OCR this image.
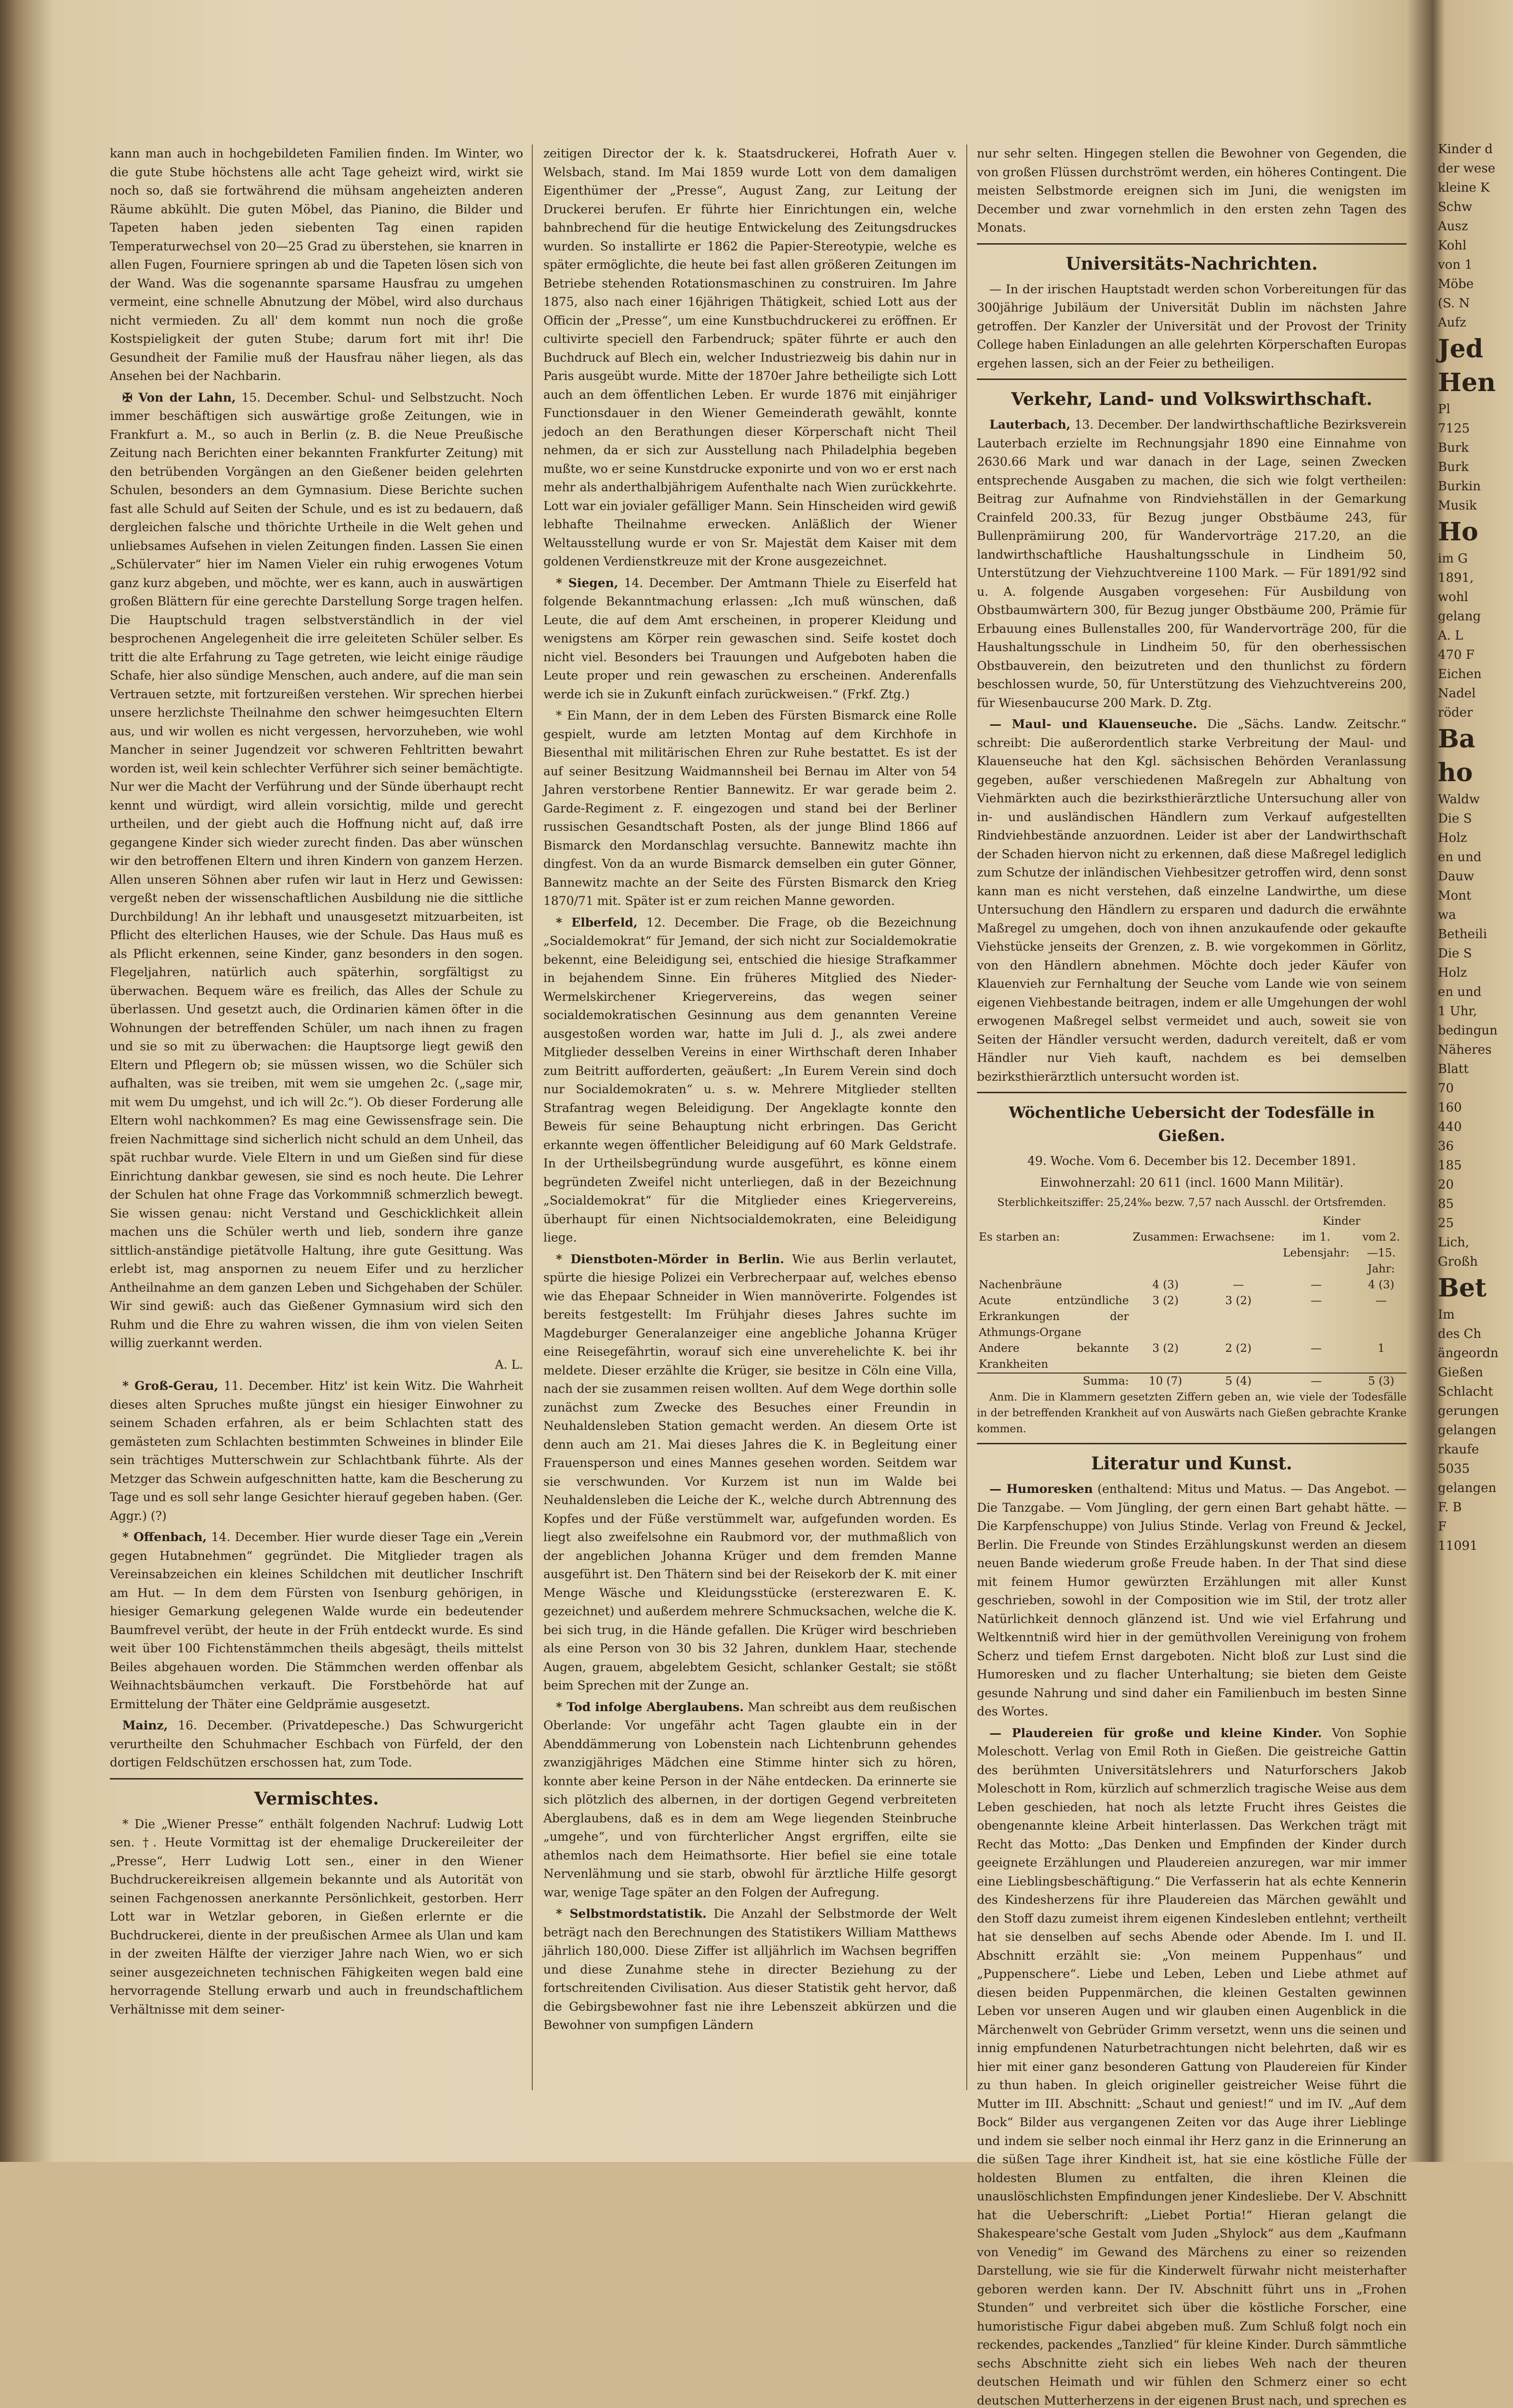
kann man auch in hochgebildeten Familien finden. Im Winter, wo die gute Stube höchstens alle acht Tage geheizt wird, wirkt sie noch so, daß sie fortwährend die mühsam angeheizten anderen Räume abkühlt. Die guten Möbel, das Pianino, die Bilder und Tapeten haben jeden siebenten Tag einen rapiden Temperaturwechsel von 20—25 Grad zu überstehen, sie knarren in allen Fugen, Fourniere springen ab und die Tapeten lösen sich von der Wand. Was die sogenannte sparsame Hausfrau zu umgehen vermeint, eine schnelle Abnutzung der Möbel, wird also durchaus nicht vermieden. Zu all' dem kommt nun noch die große Kostspieligkeit der guten Stube; darum fort mit ihr! Die Gesundheit der Familie muß der Hausfrau näher liegen, als das Ansehen bei der Nachbarin.

✠ Von der Lahn, 15. December. Schul- und Selbstzucht. Noch immer beschäftigen sich auswärtige große Zeitungen, wie in Frankfurt a. M., so auch in Berlin (z. B. die Neue Preußische Zeitung nach Berichten einer bekannten Frankfurter Zeitung) mit den betrübenden Vorgängen an den Gießener beiden gelehrten Schulen, besonders an dem Gymnasium. Diese Berichte suchen fast alle Schuld auf Seiten der Schule, und es ist zu bedauern, daß dergleichen falsche und thörichte Urtheile in die Welt gehen und unliebsames Aufsehen in vielen Zeitungen finden. Lassen Sie einen „Schülervater“ hier im Namen Vieler ein ruhig erwogenes Votum ganz kurz abgeben, und möchte, wer es kann, auch in auswärtigen großen Blättern für eine gerechte Darstellung Sorge tragen helfen. Die Hauptschuld tragen selbstverständlich in der viel besprochenen Angelegenheit die irre geleiteten Schüler selber. Es tritt die alte Erfahrung zu Tage getreten, wie leicht einige räudige Schafe, hier also sündige Menschen, auch andere, auf die man sein Vertrauen setzte, mit fortzureißen verstehen. Wir sprechen hierbei unsere herzlichste Theilnahme den schwer heimgesuchten Eltern aus, und wir wollen es nicht vergessen, hervorzuheben, wie wohl Mancher in seiner Jugendzeit vor schweren Fehltritten bewahrt worden ist, weil kein schlechter Verführer sich seiner bemächtigte. Nur wer die Macht der Verführung und der Sünde überhaupt recht kennt und würdigt, wird allein vorsichtig, milde und gerecht urtheilen, und der giebt auch die Hoffnung nicht auf, daß irre gegangene Kinder sich wieder zurecht finden. Das aber wünschen wir den betroffenen Eltern und ihren Kindern von ganzem Herzen. Allen unseren Söhnen aber rufen wir laut in Herz und Gewissen: vergeßt neben der wissenschaftlichen Ausbildung nie die sittliche Durchbildung! An ihr lebhaft und unausgesetzt mitzuarbeiten, ist Pflicht des elterlichen Hauses, wie der Schule. Das Haus muß es als Pflicht erkennen, seine Kinder, ganz besonders in den sogen. Flegeljahren, natürlich auch späterhin, sorgfältigst zu überwachen. Bequem wäre es freilich, das Alles der Schule zu überlassen. Und gesetzt auch, die Ordinarien kämen öfter in die Wohnungen der betreffenden Schüler, um nach ihnen zu fragen und sie so mit zu überwachen: die Hauptsorge liegt gewiß den Eltern und Pflegern ob; sie müssen wissen, wo die Schüler sich aufhalten, was sie treiben, mit wem sie umgehen 2c. („sage mir, mit wem Du umgehst, und ich will 2c.“). Ob dieser Forderung alle Eltern wohl nachkommen? Es mag eine Gewissensfrage sein. Die freien Nachmittage sind sicherlich nicht schuld an dem Unheil, das spät ruchbar wurde. Viele Eltern in und um Gießen sind für diese Einrichtung dankbar gewesen, sie sind es noch heute. Die Lehrer der Schulen hat ohne Frage das Vorkommniß schmerzlich bewegt. Sie wissen genau: nicht Verstand und Geschicklichkeit allein machen uns die Schüler werth und lieb, sondern ihre ganze sittlich-anständige pietätvolle Haltung, ihre gute Gesittung. Was erlebt ist, mag anspornen zu neuem Eifer und zu herzlicher Antheilnahme an dem ganzen Leben und Sichgehaben der Schüler. Wir sind gewiß: auch das Gießener Gymnasium wird sich den Ruhm und die Ehre zu wahren wissen, die ihm von vielen Seiten willig zuerkannt werden.

A. L.

* Groß-Gerau, 11. December. Hitz' ist kein Witz. Die Wahrheit dieses alten Spruches mußte jüngst ein hiesiger Einwohner zu seinem Schaden erfahren, als er beim Schlachten statt des gemästeten zum Schlachten bestimmten Schweines in blinder Eile sein trächtiges Mutterschwein zur Schlachtbank führte. Als der Metzger das Schwein aufgeschnitten hatte, kam die Bescherung zu Tage und es soll sehr lange Gesichter hierauf gegeben haben. (Ger. Aggr.) (?)

* Offenbach, 14. December. Hier wurde dieser Tage ein „Verein gegen Hutabnehmen“ gegründet. Die Mitglieder tragen als Vereinsabzeichen ein kleines Schildchen mit deutlicher Inschrift am Hut. — In dem dem Fürsten von Isenburg gehörigen, in hiesiger Gemarkung gelegenen Walde wurde ein bedeutender Baumfrevel verübt, der heute in der Früh entdeckt wurde. Es sind weit über 100 Fichtenstämmchen theils abgesägt, theils mittelst Beiles abgehauen worden. Die Stämmchen werden offenbar als Weihnachtsbäumchen verkauft. Die Forstbehörde hat auf Ermittelung der Thäter eine Geldprämie ausgesetzt.

Mainz, 16. December. (Privatdepesche.) Das Schwurgericht verurtheilte den Schuhmacher Eschbach von Fürfeld, der den dortigen Feldschützen erschossen hat, zum Tode.

Vermischtes.

* Die „Wiener Presse“ enthält folgenden Nachruf: Ludwig Lott sen. †. Heute Vormittag ist der ehemalige Druckereileiter der „Presse“, Herr Ludwig Lott sen., einer in den Wiener Buchdruckereikreisen allgemein bekannte und als Autorität von seinen Fachgenossen anerkannte Persönlichkeit, gestorben. Herr Lott war in Wetzlar geboren, in Gießen erlernte er die Buchdruckerei, diente in der preußischen Armee als Ulan und kam in der zweiten Hälfte der vierziger Jahre nach Wien, wo er sich seiner ausgezeichneten technischen Fähigkeiten wegen bald eine hervorragende Stellung erwarb und auch in freundschaftlichem Verhältnisse mit dem seiner-

zeitigen Director der k. k. Staatsdruckerei, Hofrath Auer v. Welsbach, stand. Im Mai 1859 wurde Lott von dem damaligen Eigenthümer der „Presse“, August Zang, zur Leitung der Druckerei berufen. Er führte hier Einrichtungen ein, welche bahnbrechend für die heutige Entwickelung des Zeitungsdruckes wurden. So installirte er 1862 die Papier-Stereotypie, welche es später ermöglichte, die heute bei fast allen größeren Zeitungen im Betriebe stehenden Rotationsmaschinen zu construiren. Im Jahre 1875, also nach einer 16jährigen Thätigkeit, schied Lott aus der Officin der „Presse“, um eine Kunstbuchdruckerei zu eröffnen. Er cultivirte speciell den Farbendruck; später führte er auch den Buchdruck auf Blech ein, welcher Industriezweig bis dahin nur in Paris ausgeübt wurde. Mitte der 1870er Jahre betheiligte sich Lott auch an dem öffentlichen Leben. Er wurde 1876 mit einjähriger Functionsdauer in den Wiener Gemeinderath gewählt, konnte jedoch an den Berathungen dieser Körperschaft nicht Theil nehmen, da er sich zur Ausstellung nach Philadelphia begeben mußte, wo er seine Kunstdrucke exponirte und von wo er erst nach mehr als anderthalbjährigem Aufenthalte nach Wien zurückkehrte. Lott war ein jovialer gefälliger Mann. Sein Hinscheiden wird gewiß lebhafte Theilnahme erwecken. Anläßlich der Wiener Weltausstellung wurde er von Sr. Majestät dem Kaiser mit dem goldenen Verdienstkreuze mit der Krone ausgezeichnet.

* Siegen, 14. December. Der Amtmann Thiele zu Eiserfeld hat folgende Bekanntmachung erlassen: „Ich muß wünschen, daß Leute, die auf dem Amt erscheinen, in properer Kleidung und wenigstens am Körper rein gewaschen sind. Seife kostet doch nicht viel. Besonders bei Trauungen und Aufgeboten haben die Leute proper und rein gewaschen zu erscheinen. Anderenfalls werde ich sie in Zukunft einfach zurückweisen.“ (Frkf. Ztg.)

* Ein Mann, der in dem Leben des Fürsten Bismarck eine Rolle gespielt, wurde am letzten Montag auf dem Kirchhofe in Biesenthal mit militärischen Ehren zur Ruhe bestattet. Es ist der auf seiner Besitzung Waidmannsheil bei Bernau im Alter von 54 Jahren verstorbene Rentier Bannewitz. Er war gerade beim 2. Garde-Regiment z. F. eingezogen und stand bei der Berliner russischen Gesandtschaft Posten, als der junge Blind 1866 auf Bismarck den Mordanschlag versuchte. Bannewitz machte ihn dingfest. Von da an wurde Bismarck demselben ein guter Gönner, Bannewitz machte an der Seite des Fürsten Bismarck den Krieg 1870/71 mit. Später ist er zum reichen Manne geworden.

* Elberfeld, 12. December. Die Frage, ob die Bezeichnung „Socialdemokrat“ für Jemand, der sich nicht zur Socialdemokratie bekennt, eine Beleidigung sei, entschied die hiesige Strafkammer in bejahendem Sinne. Ein früheres Mitglied des Nieder-Wermelskirchener Kriegervereins, das wegen seiner socialdemokratischen Gesinnung aus dem genannten Vereine ausgestoßen worden war, hatte im Juli d. J., als zwei andere Mitglieder desselben Vereins in einer Wirthschaft deren Inhaber zum Beitritt aufforderten, geäußert: „In Eurem Verein sind doch nur Socialdemokraten“ u. s. w. Mehrere Mitglieder stellten Strafantrag wegen Beleidigung. Der Angeklagte konnte den Beweis für seine Behauptung nicht erbringen. Das Gericht erkannte wegen öffentlicher Beleidigung auf 60 Mark Geldstrafe. In der Urtheilsbegründung wurde ausgeführt, es könne einem begründeten Zweifel nicht unterliegen, daß in der Bezeichnung „Socialdemokrat“ für die Mitglieder eines Kriegervereins, überhaupt für einen Nichtsocialdemokraten, eine Beleidigung liege.

* Dienstboten-Mörder in Berlin. Wie aus Berlin verlautet, spürte die hiesige Polizei ein Verbrecherpaar auf, welches ebenso wie das Ehepaar Schneider in Wien mannöverirte. Folgendes ist bereits festgestellt: Im Frühjahr dieses Jahres suchte im Magdeburger Generalanzeiger eine angebliche Johanna Krüger eine Reisegefährtin, worauf sich eine unverehelichte K. bei ihr meldete. Dieser erzählte die Krüger, sie besitze in Cöln eine Villa, nach der sie zusammen reisen wollten. Auf dem Wege dorthin solle zunächst zum Zwecke des Besuches einer Freundin in Neuhaldensleben Station gemacht werden. An diesem Orte ist denn auch am 21. Mai dieses Jahres die K. in Begleitung einer Frauensperson und eines Mannes gesehen worden. Seitdem war sie verschwunden. Vor Kurzem ist nun im Walde bei Neuhaldensleben die Leiche der K., welche durch Abtrennung des Kopfes und der Füße verstümmelt war, aufgefunden worden. Es liegt also zweifelsohne ein Raubmord vor, der muthmaßlich von der angeblichen Johanna Krüger und dem fremden Manne ausgeführt ist. Den Thätern sind bei der Reisekorb der K. mit einer Menge Wäsche und Kleidungsstücke (ersterezwaren E. K. gezeichnet) und außerdem mehrere Schmucksachen, welche die K. bei sich trug, in die Hände gefallen. Die Krüger wird beschrieben als eine Person von 30 bis 32 Jahren, dunklem Haar, stechende Augen, grauem, abgelebtem Gesicht, schlanker Gestalt; sie stößt beim Sprechen mit der Zunge an.

* Tod infolge Aberglaubens. Man schreibt aus dem reußischen Oberlande: Vor ungefähr acht Tagen glaubte ein in der Abenddämmerung von Lobenstein nach Lichtenbrunn gehendes zwanzigjähriges Mädchen eine Stimme hinter sich zu hören, konnte aber keine Person in der Nähe entdecken. Da erinnerte sie sich plötzlich des albernen, in der dortigen Gegend verbreiteten Aberglaubens, daß es in dem am Wege liegenden Steinbruche „umgehe“, und von fürchterlicher Angst ergriffen, eilte sie athemlos nach dem Heimathsorte. Hier befiel sie eine totale Nervenlähmung und sie starb, obwohl für ärztliche Hilfe gesorgt war, wenige Tage später an den Folgen der Aufregung.

* Selbstmordstatistik. Die Anzahl der Selbstmorde der Welt beträgt nach den Berechnungen des Statistikers William Matthews jährlich 180,000. Diese Ziffer ist alljährlich im Wachsen begriffen und diese Zunahme stehe in directer Beziehung zu der fortschreitenden Civilisation. Aus dieser Statistik geht hervor, daß die Gebirgsbewohner fast nie ihre Lebenszeit abkürzen und die Bewohner von sumpfigen Ländern

nur sehr selten. Hingegen stellen die Bewohner von Gegenden, die von großen Flüssen durchströmt werden, ein höheres Contingent. Die meisten Selbstmorde ereignen sich im Juni, die wenigsten im December und zwar vornehmlich in den ersten zehn Tagen des Monats.

Universitäts-Nachrichten.

— In der irischen Hauptstadt werden schon Vorbereitungen für das 300jährige Jubiläum der Universität Dublin im nächsten Jahre getroffen. Der Kanzler der Universität und der Provost der Trinity College haben Einladungen an alle gelehrten Körperschaften Europas ergehen lassen, sich an der Feier zu betheiligen.

Verkehr, Land- und Volkswirthschaft.

Lauterbach, 13. December. Der landwirthschaftliche Bezirksverein Lauterbach erzielte im Rechnungsjahr 1890 eine Einnahme von 2630.66 Mark und war danach in der Lage, seinen Zwecken entsprechende Ausgaben zu machen, die sich wie folgt vertheilen: Beitrag zur Aufnahme von Rindviehställen in der Gemarkung Crainfeld 200.33, für Bezug junger Obstbäume 243, für Bullenprämiirung 200, für Wandervorträge 217.20, an die landwirthschaftliche Haushaltungsschule in Lindheim 50, Unterstützung der Viehzuchtvereine 1100 Mark. — Für 1891/92 sind u. A. folgende Ausgaben vorgesehen: Für Ausbildung von Obstbaumwärtern 300, für Bezug junger Obstbäume 200, Prämie für Erbauung eines Bullenstalles 200, für Wandervorträge 200, für die Haushaltungsschule in Lindheim 50, für den oberhessischen Obstbauverein, den beizutreten und den thunlichst zu fördern beschlossen wurde, 50, für Unterstützung des Viehzuchtvereins 200, für Wiesenbaucurse 200 Mark. D. Ztg.

— Maul- und Klauenseuche. Die „Sächs. Landw. Zeitschr.“ schreibt: Die außerordentlich starke Verbreitung der Maul- und Klauenseuche hat den Kgl. sächsischen Behörden Veranlassung gegeben, außer verschiedenen Maßregeln zur Abhaltung von Viehmärkten auch die bezirksthierärztliche Untersuchung aller von in- und ausländischen Händlern zum Verkauf aufgestellten Rindviehbestände anzuordnen. Leider ist aber der Landwirthschaft der Schaden hiervon nicht zu erkennen, daß diese Maßregel lediglich zum Schutze der inländischen Viehbesitzer getroffen wird, denn sonst kann man es nicht verstehen, daß einzelne Landwirthe, um diese Untersuchung den Händlern zu ersparen und dadurch die erwähnte Maßregel zu umgehen, doch von ihnen anzukaufende oder gekaufte Viehstücke jenseits der Grenzen, z. B. wie vorgekommen in Görlitz, von den Händlern abnehmen. Möchte doch jeder Käufer von Klauenvieh zur Fernhaltung der Seuche vom Lande wie von seinem eigenen Viehbestande beitragen, indem er alle Umgehungen der wohl erwogenen Maßregel selbst vermeidet und auch, soweit sie von Seiten der Händler versucht werden, dadurch vereitelt, daß er vom Händler nur Vieh kauft, nachdem es bei demselben bezirksthierärztlich untersucht worden ist.

Wöchentliche Uebersicht der Todesfälle in Gießen.

49. Woche. Vom 6. December bis 12. December 1891.

Einwohnerzahl: 20 611 (incl. 1600 Mann Militär).

Sterblichkeitsziffer: 25,24‰ bezw. 7,57 nach Ausschl. der Ortsfremden.

			Kinder	
Es starben an:	Zusammen:	Erwachsene:	im 1. Lebensjahr:	vom 2.—15. Jahr:
Nachenbräune	4 (3)	—	—	4 (3)
Acute entzündliche Erkrankungen der Athmungs-Organe	3 (2)	3 (2)	—	—
Andere bekannte Krankheiten	3 (2)	2 (2)	—	1
Summa:	10 (7)	5 (4)	—	5 (3)

Anm. Die in Klammern gesetzten Ziffern geben an, wie viele der Todesfälle in der betreffenden Krankheit auf von Auswärts nach Gießen gebrachte Kranke kommen.

Literatur und Kunst.

— Humoresken (enthaltend: Mitus und Matus. — Das Angebot. — Die Tanzgabe. — Vom Jüngling, der gern einen Bart gehabt hätte. — Die Karpfenschuppe) von Julius Stinde. Verlag von Freund & Jeckel, Berlin. Die Freunde von Stindes Erzählungskunst werden an diesem neuen Bande wiederum große Freude haben. In der That sind diese mit feinem Humor gewürzten Erzählungen mit aller Kunst geschrieben, sowohl in der Composition wie im Stil, der trotz aller Natürlichkeit dennoch glänzend ist. Und wie viel Erfahrung und Weltkenntniß wird hier in der gemüthvollen Vereinigung von frohem Scherz und tiefem Ernst dargeboten. Nicht bloß zur Lust sind die Humoresken und zu flacher Unterhaltung; sie bieten dem Geiste gesunde Nahrung und sind daher ein Familienbuch im besten Sinne des Wortes.

— Plaudereien für große und kleine Kinder. Von Sophie Moleschott. Verlag von Emil Roth in Gießen. Die geistreiche Gattin des berühmten Universitätslehrers und Naturforschers Jakob Moleschott in Rom, kürzlich auf schmerzlich tragische Weise aus dem Leben geschieden, hat noch als letzte Frucht ihres Geistes die obengenannte kleine Arbeit hinterlassen. Das Werkchen trägt mit Recht das Motto: „Das Denken und Empfinden der Kinder durch geeignete Erzählungen und Plaudereien anzuregen, war mir immer eine Lieblingsbeschäftigung.“ Die Verfasserin hat als echte Kennerin des Kindesherzens für ihre Plaudereien das Märchen gewählt und den Stoff dazu zumeist ihrem eigenen Kindesleben entlehnt; vertheilt hat sie denselben auf sechs Abende oder Abende. Im I. und II. Abschnitt erzählt sie: „Von meinem Puppenhaus“ und „Puppenschere“. Liebe und Leben, Leben und Liebe athmet auf diesen beiden Puppenmärchen, die kleinen Gestalten gewinnen Leben vor unseren Augen und wir glauben einen Augenblick in die Märchenwelt von Gebrüder Grimm versetzt, wenn uns die seinen und innig empfundenen Naturbetrachtungen nicht belehrten, daß wir es hier mit einer ganz besonderen Gattung von Plaudereien für Kinder zu thun haben. In gleich origineller geistreicher Weise führt die Mutter im III. Abschnitt: „Schaut und geniest!“ und im IV. „Auf dem Bock“ Bilder aus vergangenen Zeiten vor das Auge ihrer Lieblinge und indem sie selber noch einmal ihr Herz ganz in die Erinnerung an die süßen Tage ihrer Kindheit ist, hat sie eine köstliche Fülle der holdesten Blumen zu entfalten, die ihren Kleinen die unauslöschlichsten Empfindungen jener Kindesliebe. Der V. Abschnitt hat die Ueberschrift: „Liebet Portia!“ Hieran gelangt die Shakespeare'sche Gestalt vom Juden „Shylock“ aus dem „Kaufmann von Venedig“ im Gewand des Märchens zu einer so reizenden Darstellung, wie sie für die Kinderwelt fürwahr nicht meisterhafter geboren werden kann. Der IV. Abschnitt führt uns in „Frohen Stunden“ und verbreitet sich über die köstliche Forscher, eine humoristische Figur dabei abgeben muß. Zum Schluß folgt noch ein reckendes, packendes „Tanzlied“ für kleine Kinder. Durch sämmtliche sechs Abschnitte zieht sich ein liebes Weh nach der theuren deutschen Heimath und wir fühlen den Schmerz einer so echt deutschen Mutterherzens in der eigenen Brust nach, und sprechen es

Kinder d
der wese
kleine K
Schw
Ausz
Kohl
von 1
Möbe
(S. N
Aufz
Jed
Hen
Pl
7125
Burk
Burk
Burkin
Musik
Ho
im G
1891,
wohl
gelang
A. L
470 F
Eichen
Nadel
röder
Ba
ho
Waldw
Die S
Holz
en und
Dauw
Mont
wa
Betheili
Die S
Holz
en und
1 Uhr,
bedingun
Näheres
Blatt
70
160
440
36
185
20
85
25
Lich,
Großh
Bet
Im
des Ch
ängeordn
Gießen
Schlacht
gerungen
gelangen
rkaufe
5035
gelangen
F. B
F
11091
